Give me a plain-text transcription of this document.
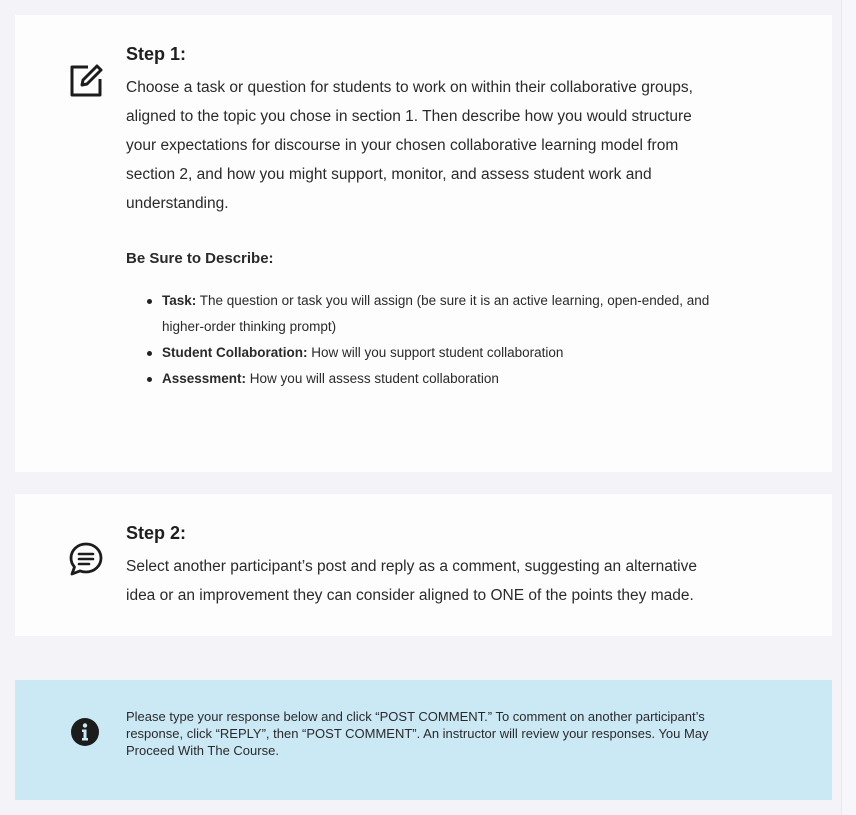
Step 1:

Choose a task or question for students to work on within their collaborative groups, aligned to the topic you chose in section 1. Then describe how you would structure your expectations for discourse in your chosen collaborative learning model from section 2, and how you might support, monitor, and assess student work and understanding.

Be Sure to Describe:
Task: The question or task you will assign (be sure it is an active learning, open-ended, and higher-order thinking prompt)
Student Collaboration: How will you support student collaboration
Assessment: How you will assess student collaboration
Step 2:

Select another participant’s post and reply as a comment, suggesting an alternative idea or an improvement they can consider aligned to ONE of the points they made.

Please type your response below and click “POST COMMENT.” To comment on another participant’s response, click “REPLY”, then “POST COMMENT”. An instructor will review your responses. You May Proceed With The Course.
